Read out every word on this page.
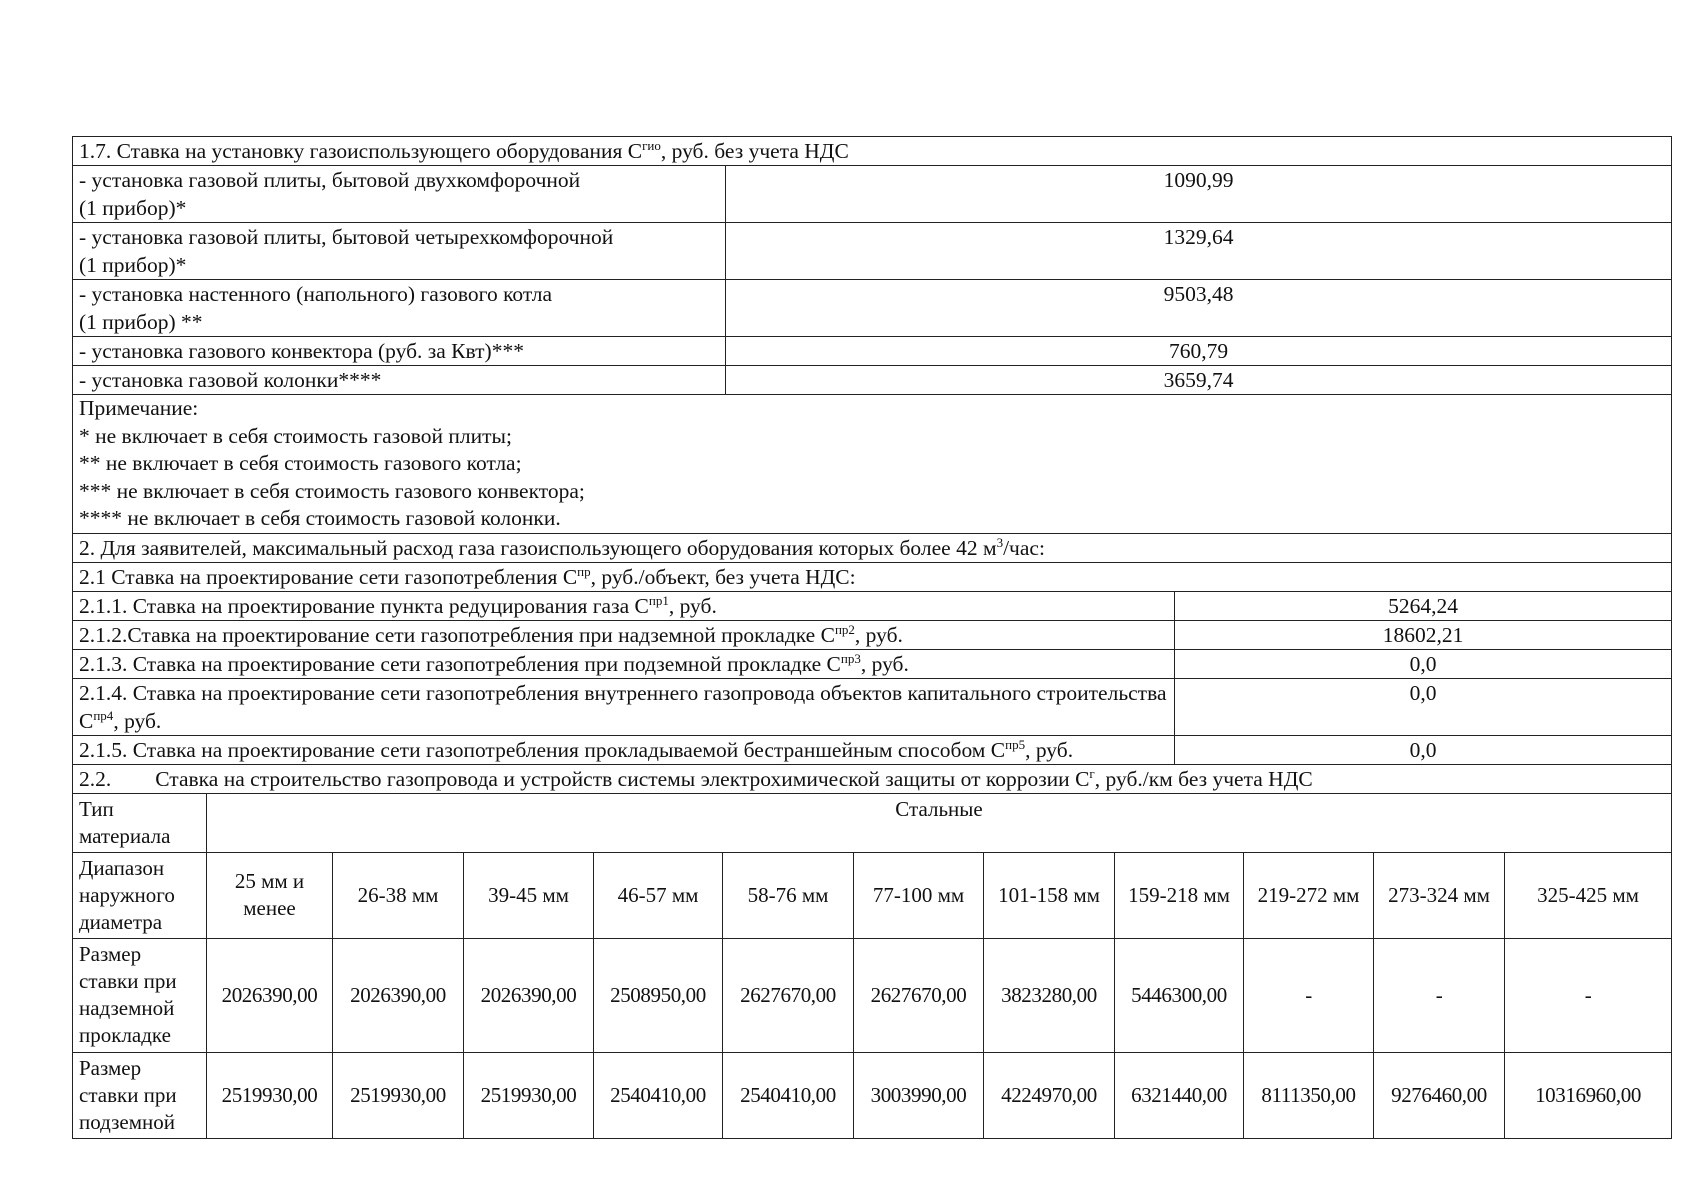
1.7. Ставка на установку газоиспользующего оборудования $С^{гио}$, руб. без учета НДС	

- установка газовой плиты, бытовой двухкомфорочной
(1 прибор)*	1090,99

- установка газовой плиты, бытовой четырехкомфорочной
(1 прибор)*	1329,64

- установка настенного (напольного) газового котла
(1 прибор) **	9503,48
- установка газового конвектора (руб. за Квт)***	760,79
- установка газовой колонки****	3659,74

Примечание:
* не включает в себя стоимость газовой плиты;
** не включает в себя стоимость газового котла;
*** не включает в себя стоимость газового конвектора;
**** не включает в себя стоимость газовой колонки.	

2. Для заявителей, максимальный расход газа газоиспользующего оборудования которых более 42 $м^3$/час:	
2.1 Ставка на проектирование сети газопотребления $С^{пр}$, руб./объект, без учета НДС:	
2.1.1. Ставка на проектирование пункта редуцирования газа $С^{пр1}$, руб.	5264,24
2.1.2.Ставка на проектирование сети газопотребления при надземной прокладке $С^{пр2}$, руб.	18602,21
2.1.3. Ставка на проектирование сети газопотребления при подземной прокладке $С^{пр3}$, руб.	0,0
2.1.4. Ставка на проектирование сети газопотребления внутреннего газопровода объектов капитального строительства $С^{пр4}$, руб.	0,0
2.1.5. Ставка на проектирование сети газопотребления прокладываемой бестраншейным способом $С^{пр5}$, руб.	0,0
2.2. Ставка на строительство газопровода и устройств системы электрохимической защиты от коррозии $С^г$, руб./км без учета НДС	
Тип материала	Стальные										
Диапазон наружного диаметра	25 мм и менее	26-38 мм	39-45 мм	46-57 мм	58-76 мм	77-100 мм	101-158 мм	159-218 мм	219-272 мм	273-324 мм	325-425 мм
Размер ставки при надземной прокладке	2026390,00	2026390,00	2026390,00	2508950,00	2627670,00	2627670,00	3823280,00	5446300,00	-	-	-
Размер ставки при подземной	2519930,00	2519930,00	2519930,00	2540410,00	2540410,00	3003990,00	4224970,00	6321440,00	8111350,00	9276460,00	10316960,00
